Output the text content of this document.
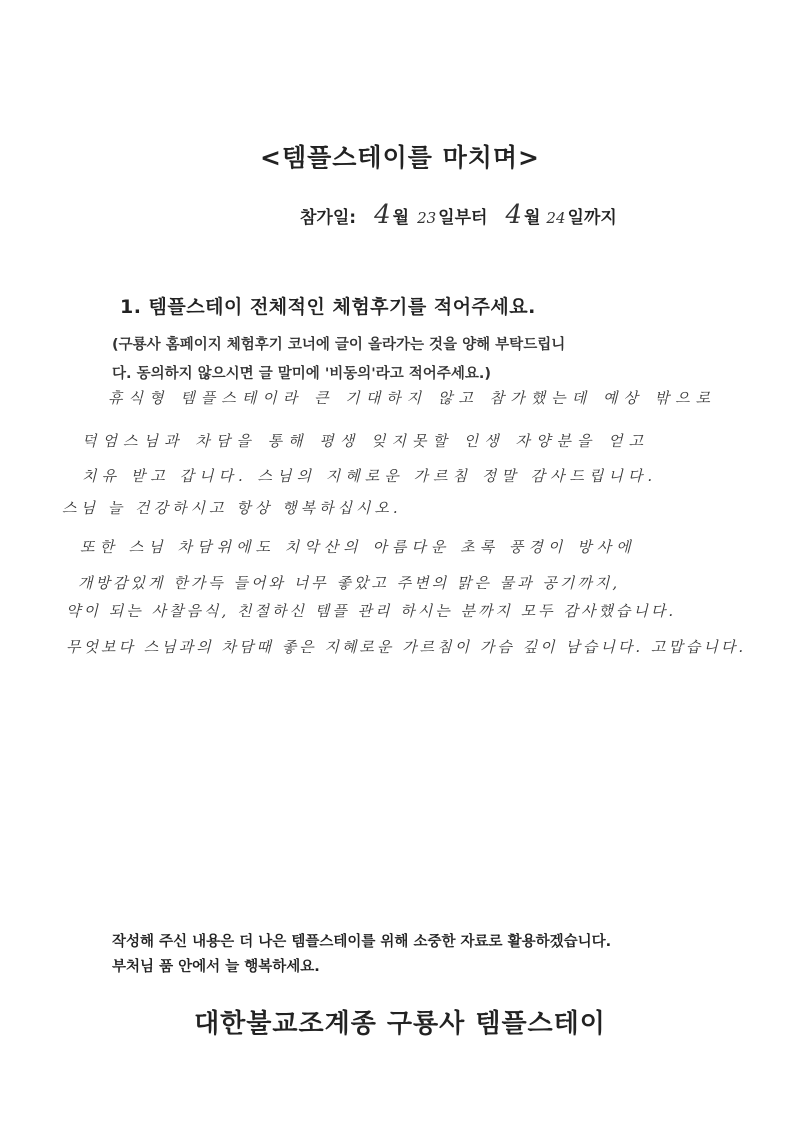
<템플스테이를 마치며>
참가일: 4 월 23 일부터 4 월 24 일까지
1. 템플스테이 전체적인 체험후기를 적어주세요.
(구룡사 홈페이지 체험후기 코너에 글이 올라가는 것을 양해 부탁드립니
다. 동의하지 않으시면 글 말미에 '비동의'라고 적어주세요.)
휴식형 템플스테이라 큰 기대하지 않고 참가했는데 예상 밖으로
덕엄스님과 차담을 통해 평생 잊지못할 인생 자양분을 얻고
치유 받고 갑니다. 스님의 지혜로운 가르침 정말 감사드립니다.
스님 늘 건강하시고 항상 행복하십시오.
또한 스님 차담위에도 치악산의 아름다운 초록 풍경이 방사에
개방감있게 한가득 들어와 너무 좋았고 주변의 맑은 물과 공기까지,
약이 되는 사찰음식, 친절하신 템플 관리 하시는 분까지 모두 감사했습니다.
무엇보다 스님과의 차담때 좋은 지혜로운 가르침이 가슴 깊이 남습니다. 고맙습니다.
작성해 주신 내용은 더 나은 템플스테이를 위해 소중한 자료로 활용하겠습니다.
부처님 품 안에서 늘 행복하세요.
대한불교조계종 구룡사 템플스테이
